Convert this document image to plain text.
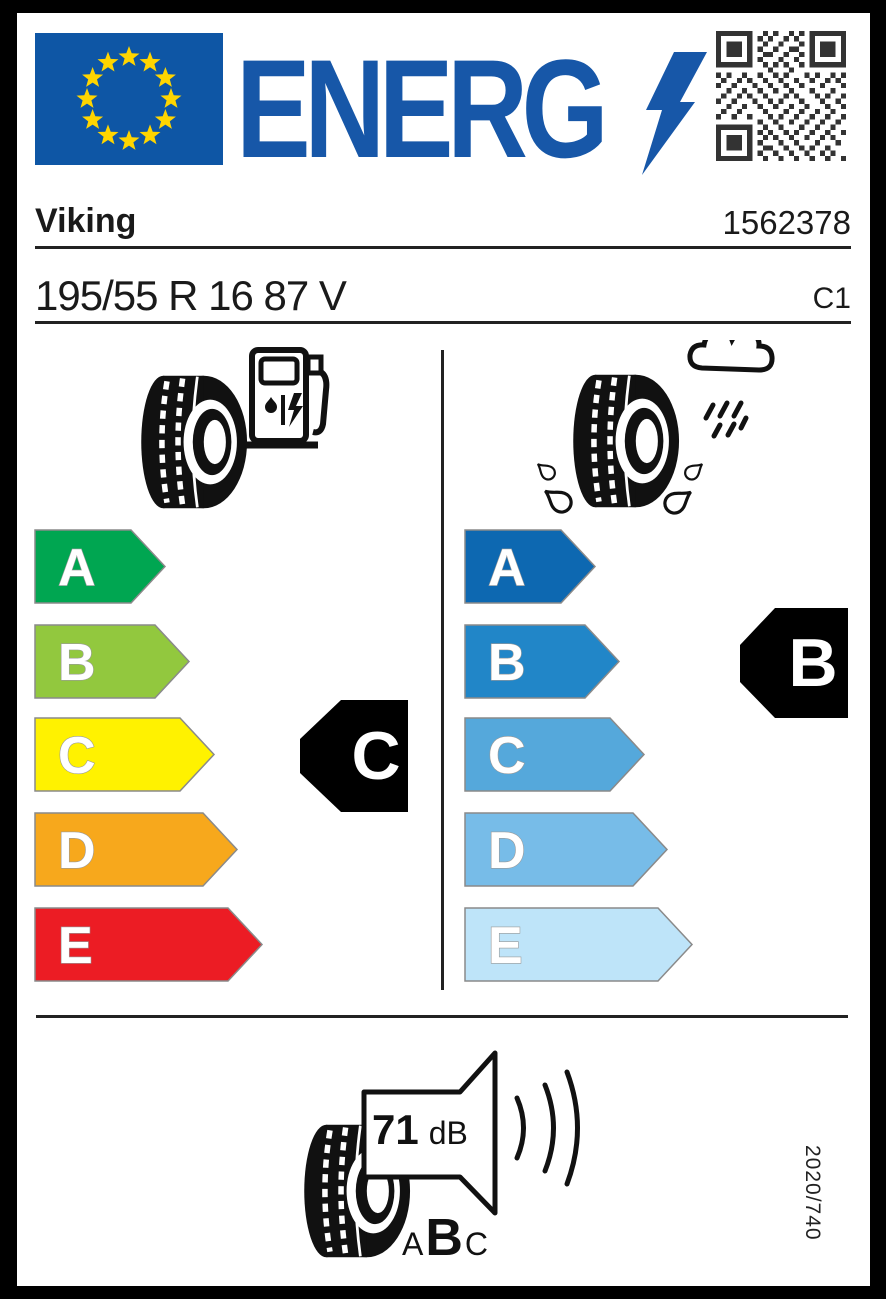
ENERG
Viking	1562378
195/55 R 16 87 V	C1
A
B
C
D
E
C
A
B
C
D
E
B
71 dB
A B C
2020/740
